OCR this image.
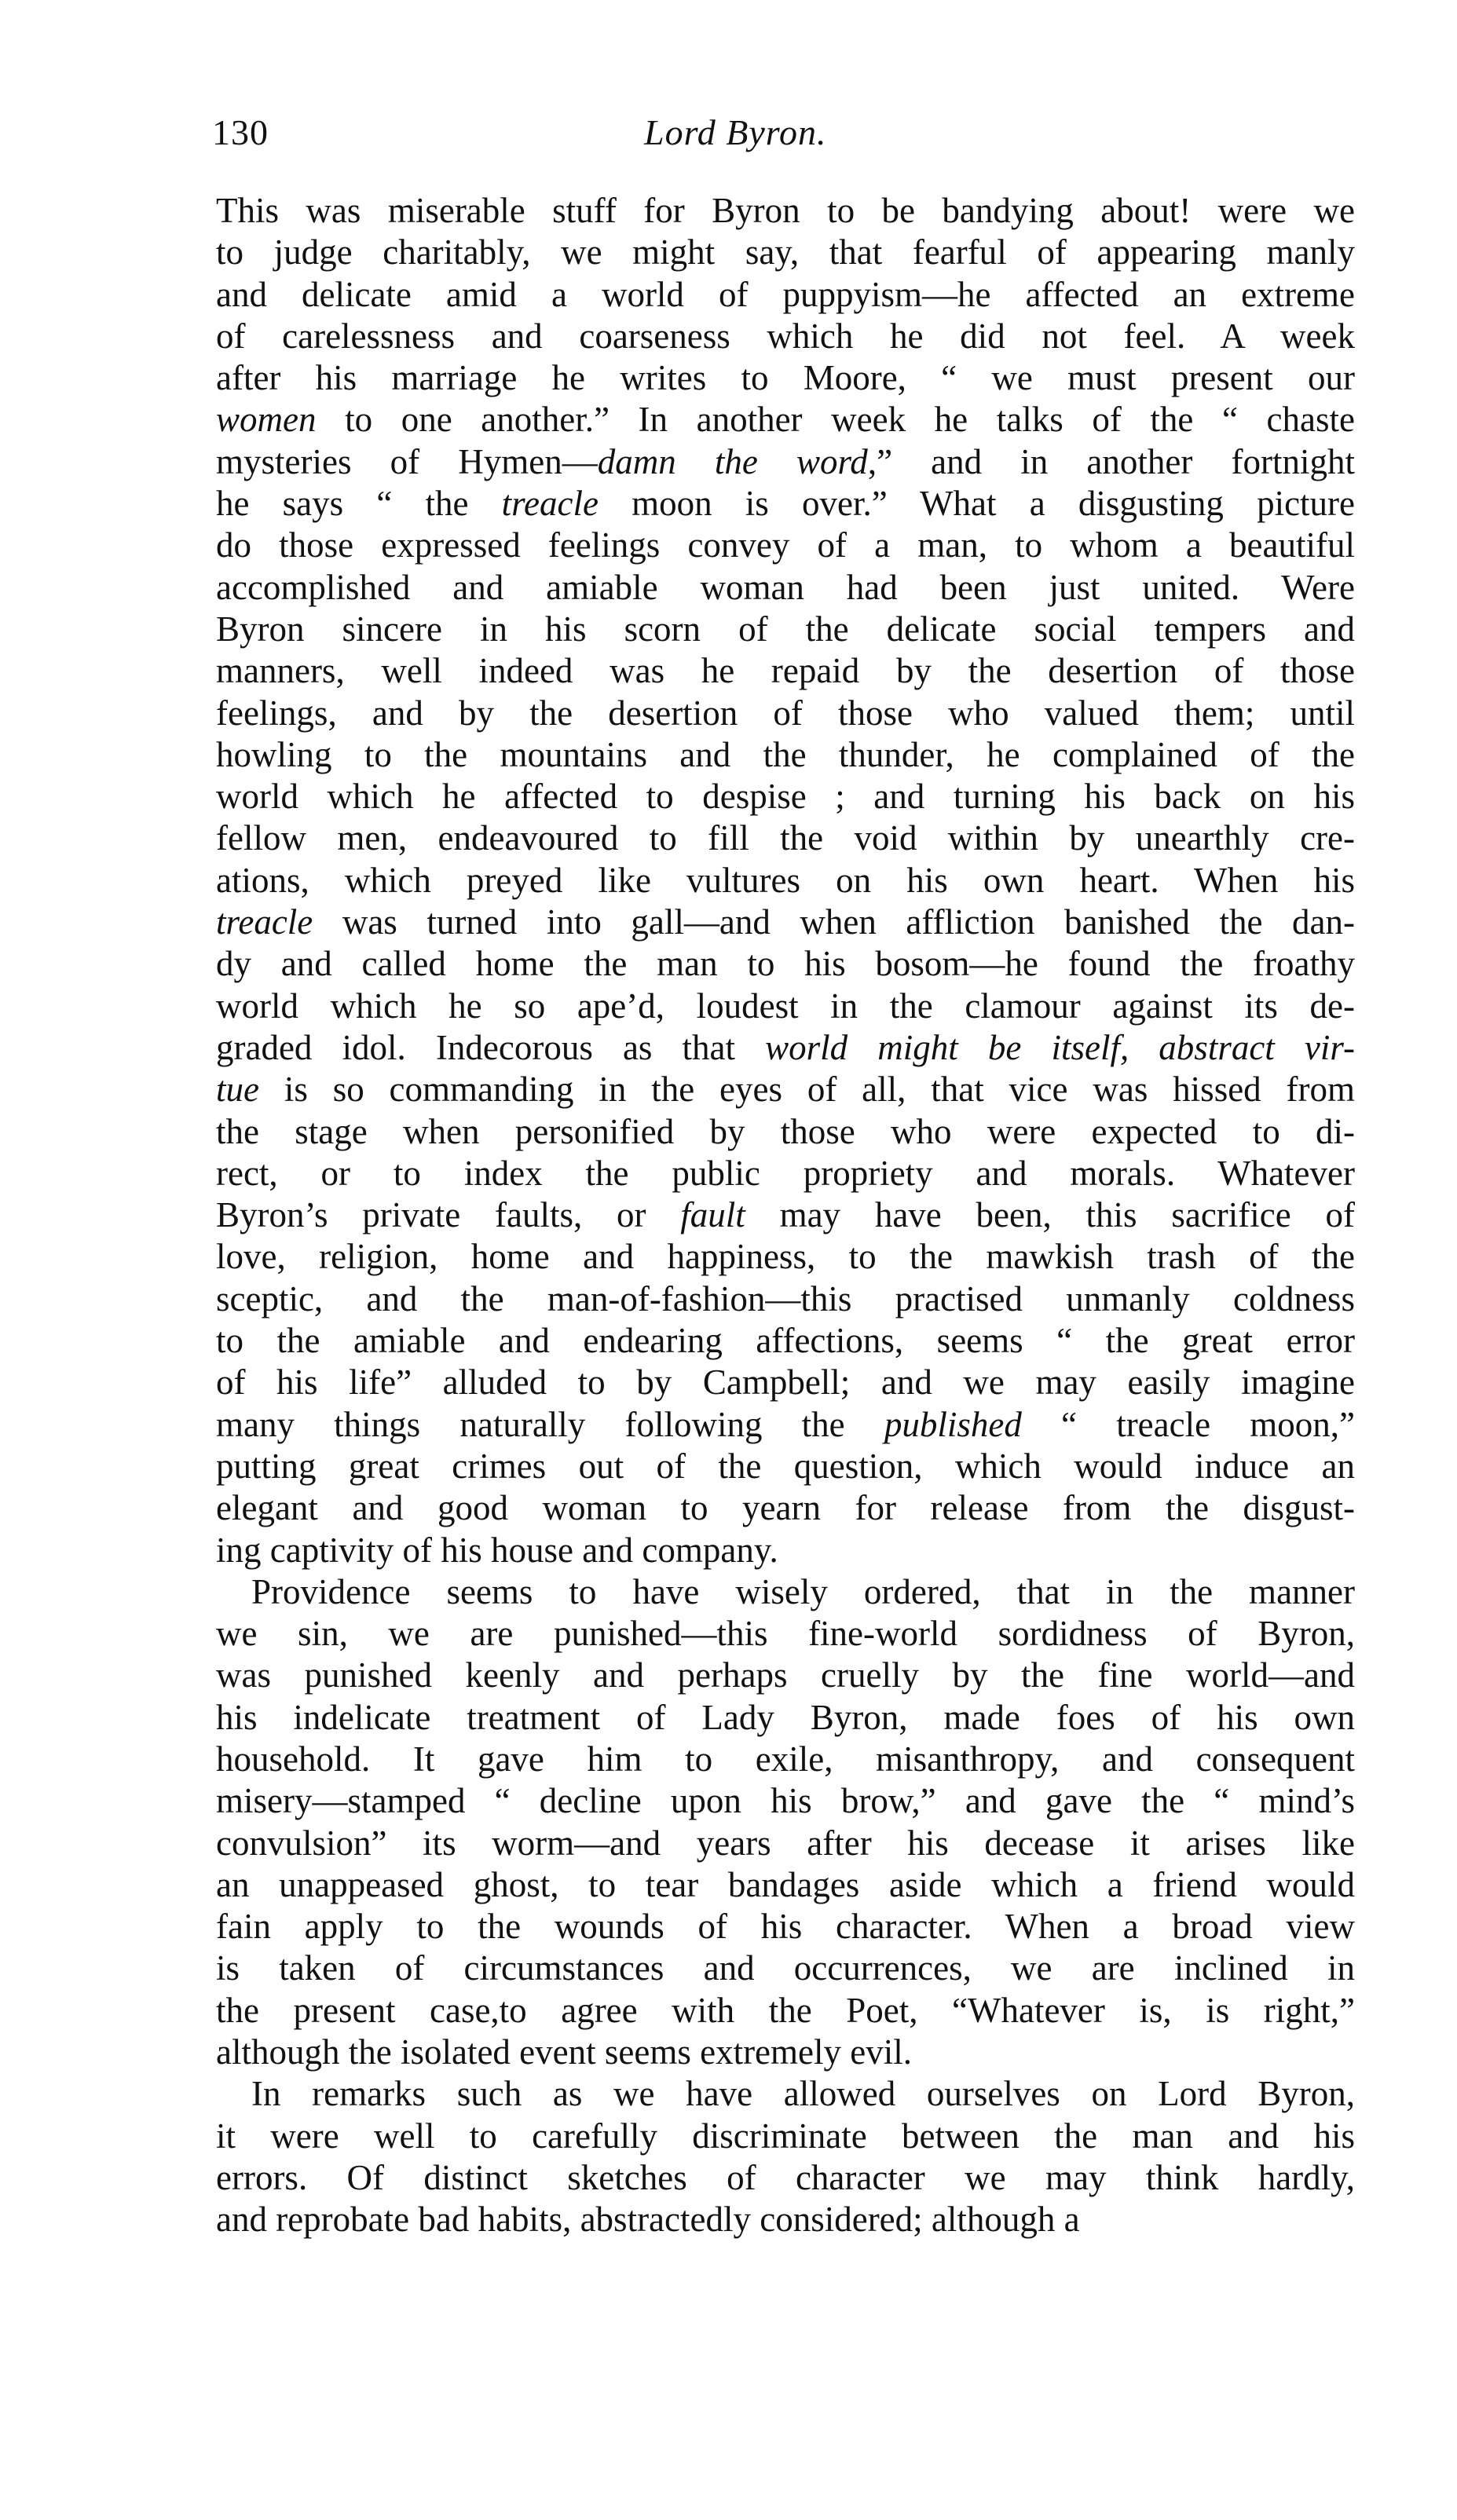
130	Lord Byron.
This was miserable stuff for Byron to be bandying about! were we
to judge charitably, we might say, that fearful of appearing manly
and delicate amid a world of puppyism—he affected an extreme
of carelessness and coarseness which he did not feel. A week
after his marriage he writes to Moore, “ we must present our
women to one another.” In another week he talks of the “ chaste
mysteries of Hymen—damn the word,” and in another fortnight
he says “ the treacle moon is over.” What a disgusting picture
do those expressed feelings convey of a man, to whom a beautiful
accomplished and amiable woman had been just united. Were
Byron sincere in his scorn of the delicate social tempers and
manners, well indeed was he repaid by the desertion of those
feelings, and by the desertion of those who valued them; until
howling to the mountains and the thunder, he complained of the
world which he affected to despise ; and turning his back on his
fellow men, endeavoured to fill the void within by unearthly cre-
ations, which preyed like vultures on his own heart. When his
treacle was turned into gall—and when affliction banished the dan-
dy and called home the man to his bosom—he found the froathy
world which he so ape’d, loudest in the clamour against its de-
graded idol. Indecorous as that world might be itself, abstract vir-
tue is so commanding in the eyes of all, that vice was hissed from
the stage when personified by those who were expected to di-
rect, or to index the public propriety and morals. Whatever
Byron’s private faults, or fault may have been, this sacrifice of
love, religion, home and happiness, to the mawkish trash of the
sceptic, and the man-of-fashion—this practised unmanly coldness
to the amiable and endearing affections, seems “ the great error
of his life” alluded to by Campbell; and we may easily imagine
many things naturally following the published “ treacle moon,”
putting great crimes out of the question, which would induce an
elegant and good woman to yearn for release from the disgust-
ing captivity of his house and company.
Providence seems to have wisely ordered, that in the manner
we sin, we are punished—this fine-world sordidness of Byron,
was punished keenly and perhaps cruelly by the fine world—and
his indelicate treatment of Lady Byron, made foes of his own
household. It gave him to exile, misanthropy, and consequent
misery—stamped “ decline upon his brow,” and gave the “ mind’s
convulsion” its worm—and years after his decease it arises like
an unappeased ghost, to tear bandages aside which a friend would
fain apply to the wounds of his character. When a broad view
is taken of circumstances and occurrences, we are inclined in
the present case,to agree with the Poet, “Whatever is, is right,”
although the isolated event seems extremely evil.
In remarks such as we have allowed ourselves on Lord Byron,
it were well to carefully discriminate between the man and his
errors. Of distinct sketches of character we may think hardly,
and reprobate bad habits, abstractedly considered; although a
